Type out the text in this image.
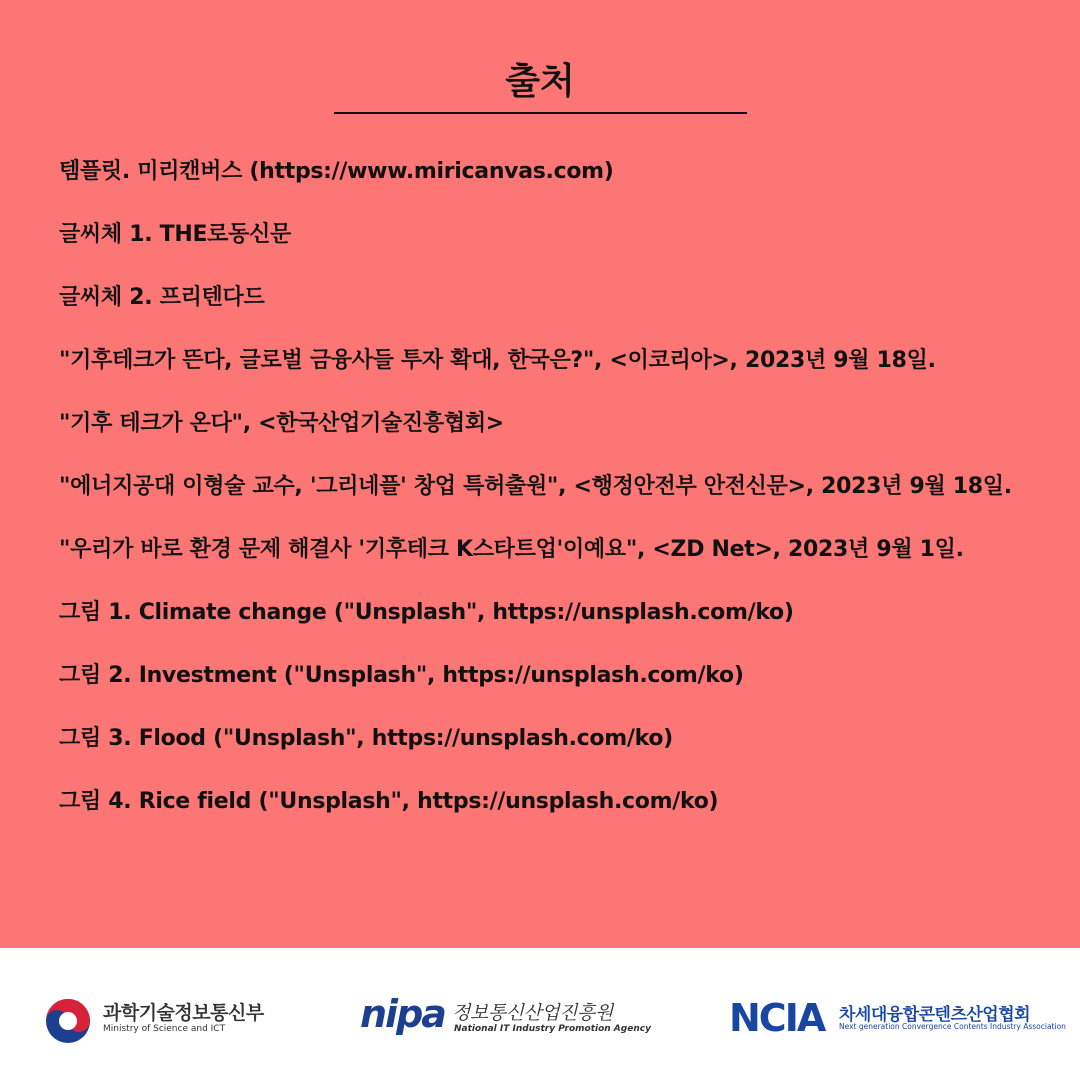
출처
템플릿. 미리캔버스 (https://www.miricanvas.com)
글씨체 1. THE로동신문
글씨체 2. 프리텐다드
"기후테크가 뜬다, 글로벌 금융사들 투자 확대, 한국은?", <이코리아>, 2023년 9월 18일.
"기후 테크가 온다", <한국산업기술진흥협회>
"에너지공대 이형술 교수, '그리네플' 창업 특허출원", <행정안전부 안전신문>, 2023년 9월 18일.
"우리가 바로 환경 문제 해결사 '기후테크 K스타트업'이예요", <ZD Net>, 2023년 9월 1일.
그림 1. Climate change ("Unsplash", https://unsplash.com/ko)
그림 2. Investment ("Unsplash", https://unsplash.com/ko)
그림 3. Flood ("Unsplash", https://unsplash.com/ko)
그림 4. Rice field ("Unsplash", https://unsplash.com/ko)
과학기술정보통신부
Ministry of Science and ICT	nipa 정보통신산업진흥원
National IT Industry Promotion Agency NCIA 차세대융합콘텐츠산업협회
Next generation Convergence Contents Industry Association
